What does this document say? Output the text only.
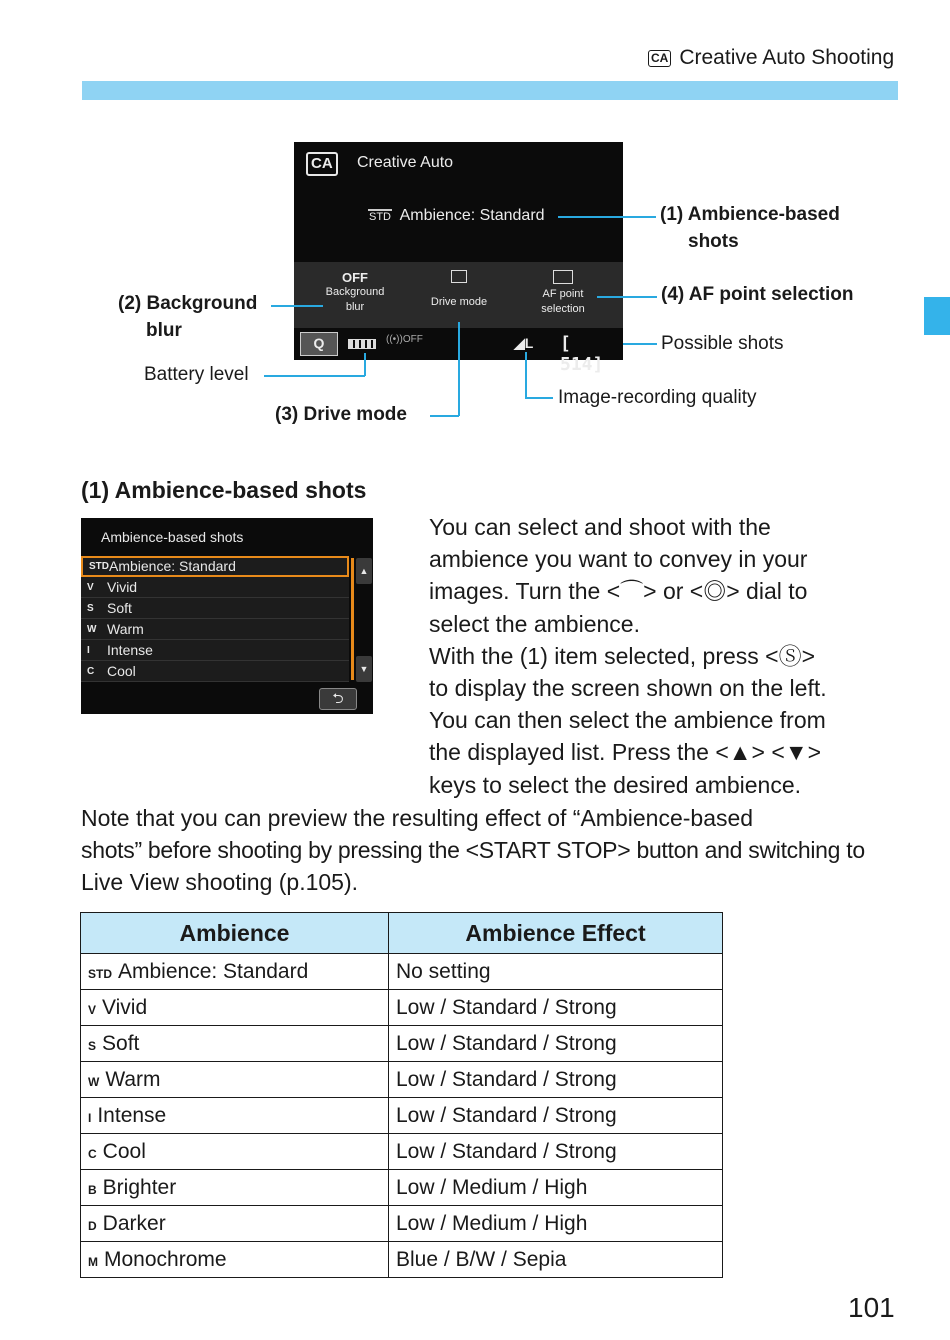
CA Creative Auto Shooting
CA	Creative Auto
STD Ambience: Standard
OFF
Background
blur	Drive mode
AF point
selection
Q	((•))OFF	◢L [ 514]
(1) Ambience-based
shots
(2) Background
blur
(4) AF point selection
Possible shots
Battery level
(3) Drive mode
Image-recording quality
(1) Ambience-based shots
Ambience-based shots
STD Ambience: Standard
V Vivid
S Soft
W Warm
I Intense
C Cool
▲
▼
⮌
You can select and shoot with the
ambience you want to convey in your
images. Turn the <⌒> or <◎> dial to
select the ambience.
With the (1) item selected, press <Ⓢ>
to display the screen shown on the left.
You can then select the ambience from
the displayed list. Press the <▲> <▼>
keys to select the desired ambience.
Note that you can preview the resulting effect of “Ambience-based
shots” before shooting by pressing the <START STOP> button and switching to
Live View shooting (p.105).
Ambience	Ambience Effect
STD Ambience: Standard	No setting
V Vivid	Low / Standard / Strong
S Soft	Low / Standard / Strong
W Warm	Low / Standard / Strong
I Intense	Low / Standard / Strong
C Cool	Low / Standard / Strong
B Brighter	Low / Medium / High
D Darker	Low / Medium / High
M Monochrome	Blue / B/W / Sepia
101
